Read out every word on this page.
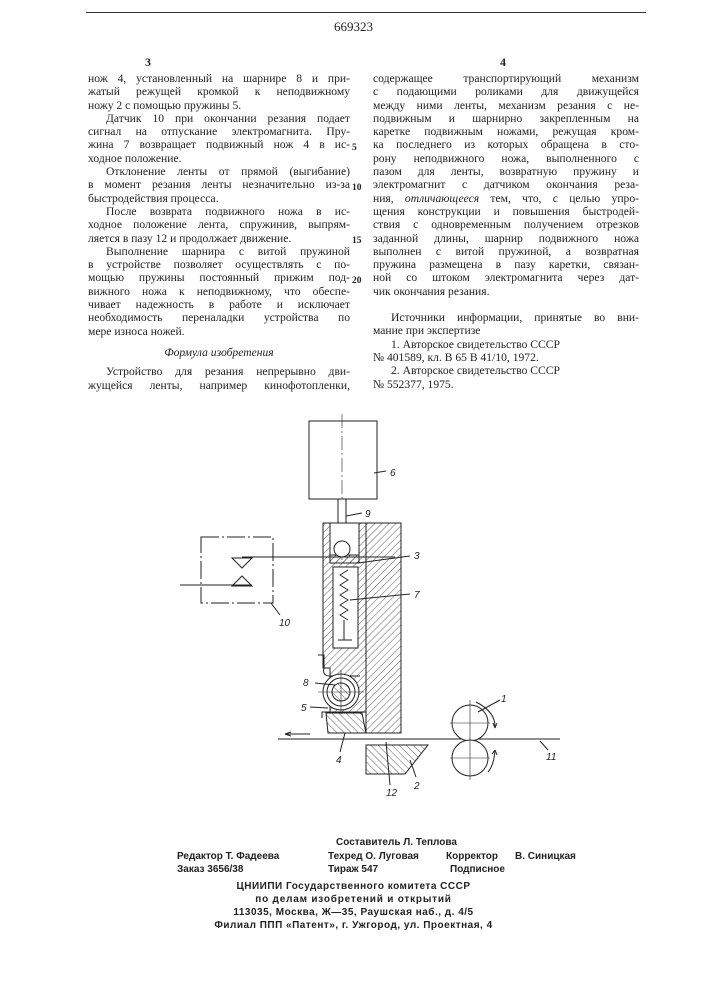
669323
3	4
5
10
15
20
нож 4, установленный на шарнире 8 и при-
жатый режущей кромкой к неподвижному
ножу 2 с помощью пружины 5.
Датчик 10 при окончании резания подает
сигнал на отпускание электромагнита. Пру-
жина 7 возвращает подвижный нож 4 в ис-
ходное положение.
Отклонение ленты от прямой (выгибание)
в момент резания ленты незначительно из-за
быстродействия процесса.
После возврата подвижного ножа в ис-
ходное положение лента, спружинив, выпрям-
ляется в пазу 12 и продолжает движение.
Выполнение шарнира с витой пружиной
в устройстве позволяет осуществлять с по-
мощью пружины постоянный прижим под-
вижного ножа к неподвижному, что обеспе-
чивает надежность в работе и исключает
необходимость переналадки устройства по
мере износа ножей.
Формула изобретения
Устройство для резания непрерывно дви-
жущейся ленты, например кинофотопленки,
содержащее транспортирующий механизм
с подающими роликами для движущейся
между ними ленты, механизм резания с не-
подвижным и шарнирно закрепленным на
каретке подвижным ножами, режущая кром-
ка последнего из которых обращена в сто-
рону неподвижного ножа, выполненного с
пазом для ленты, возвратную пружину и
электромагнит с датчиком окончания реза-
ния, отличающееся тем, что, с целью упро-
щения конструкции и повышения быстродей-
ствия с одновременным получением отрезков
заданной длины, шарнир подвижного ножа
выполнен с витой пружиной, а возвратная
пружина размещена в пазу каретки, связан-
ной со штоком электромагнита через дат-
чик окончания резания.
Источники информации, принятые во вни-
мание при экспертизе
1. Авторское свидетельство СССР
№ 401589, кл. В 65 В 41/10, 1972.
2. Авторское свидетельство СССР
№ 552377, 1975.
6
9
3
7
10
8
5
4
2
12
1
11
Составитель Л. Теплова
Редактор Т. Фадеева	Техред О. Луговая	Корректор В. Синицкая
Заказ 3656/38	Тираж 547	Подписное
ЦНИИПИ Государственного комитета СССР
по делам изобретений и открытий
113035, Москва, Ж—35, Раушская наб., д. 4/5
Филиал ППП «Патент», г. Ужгород, ул. Проектная, 4
